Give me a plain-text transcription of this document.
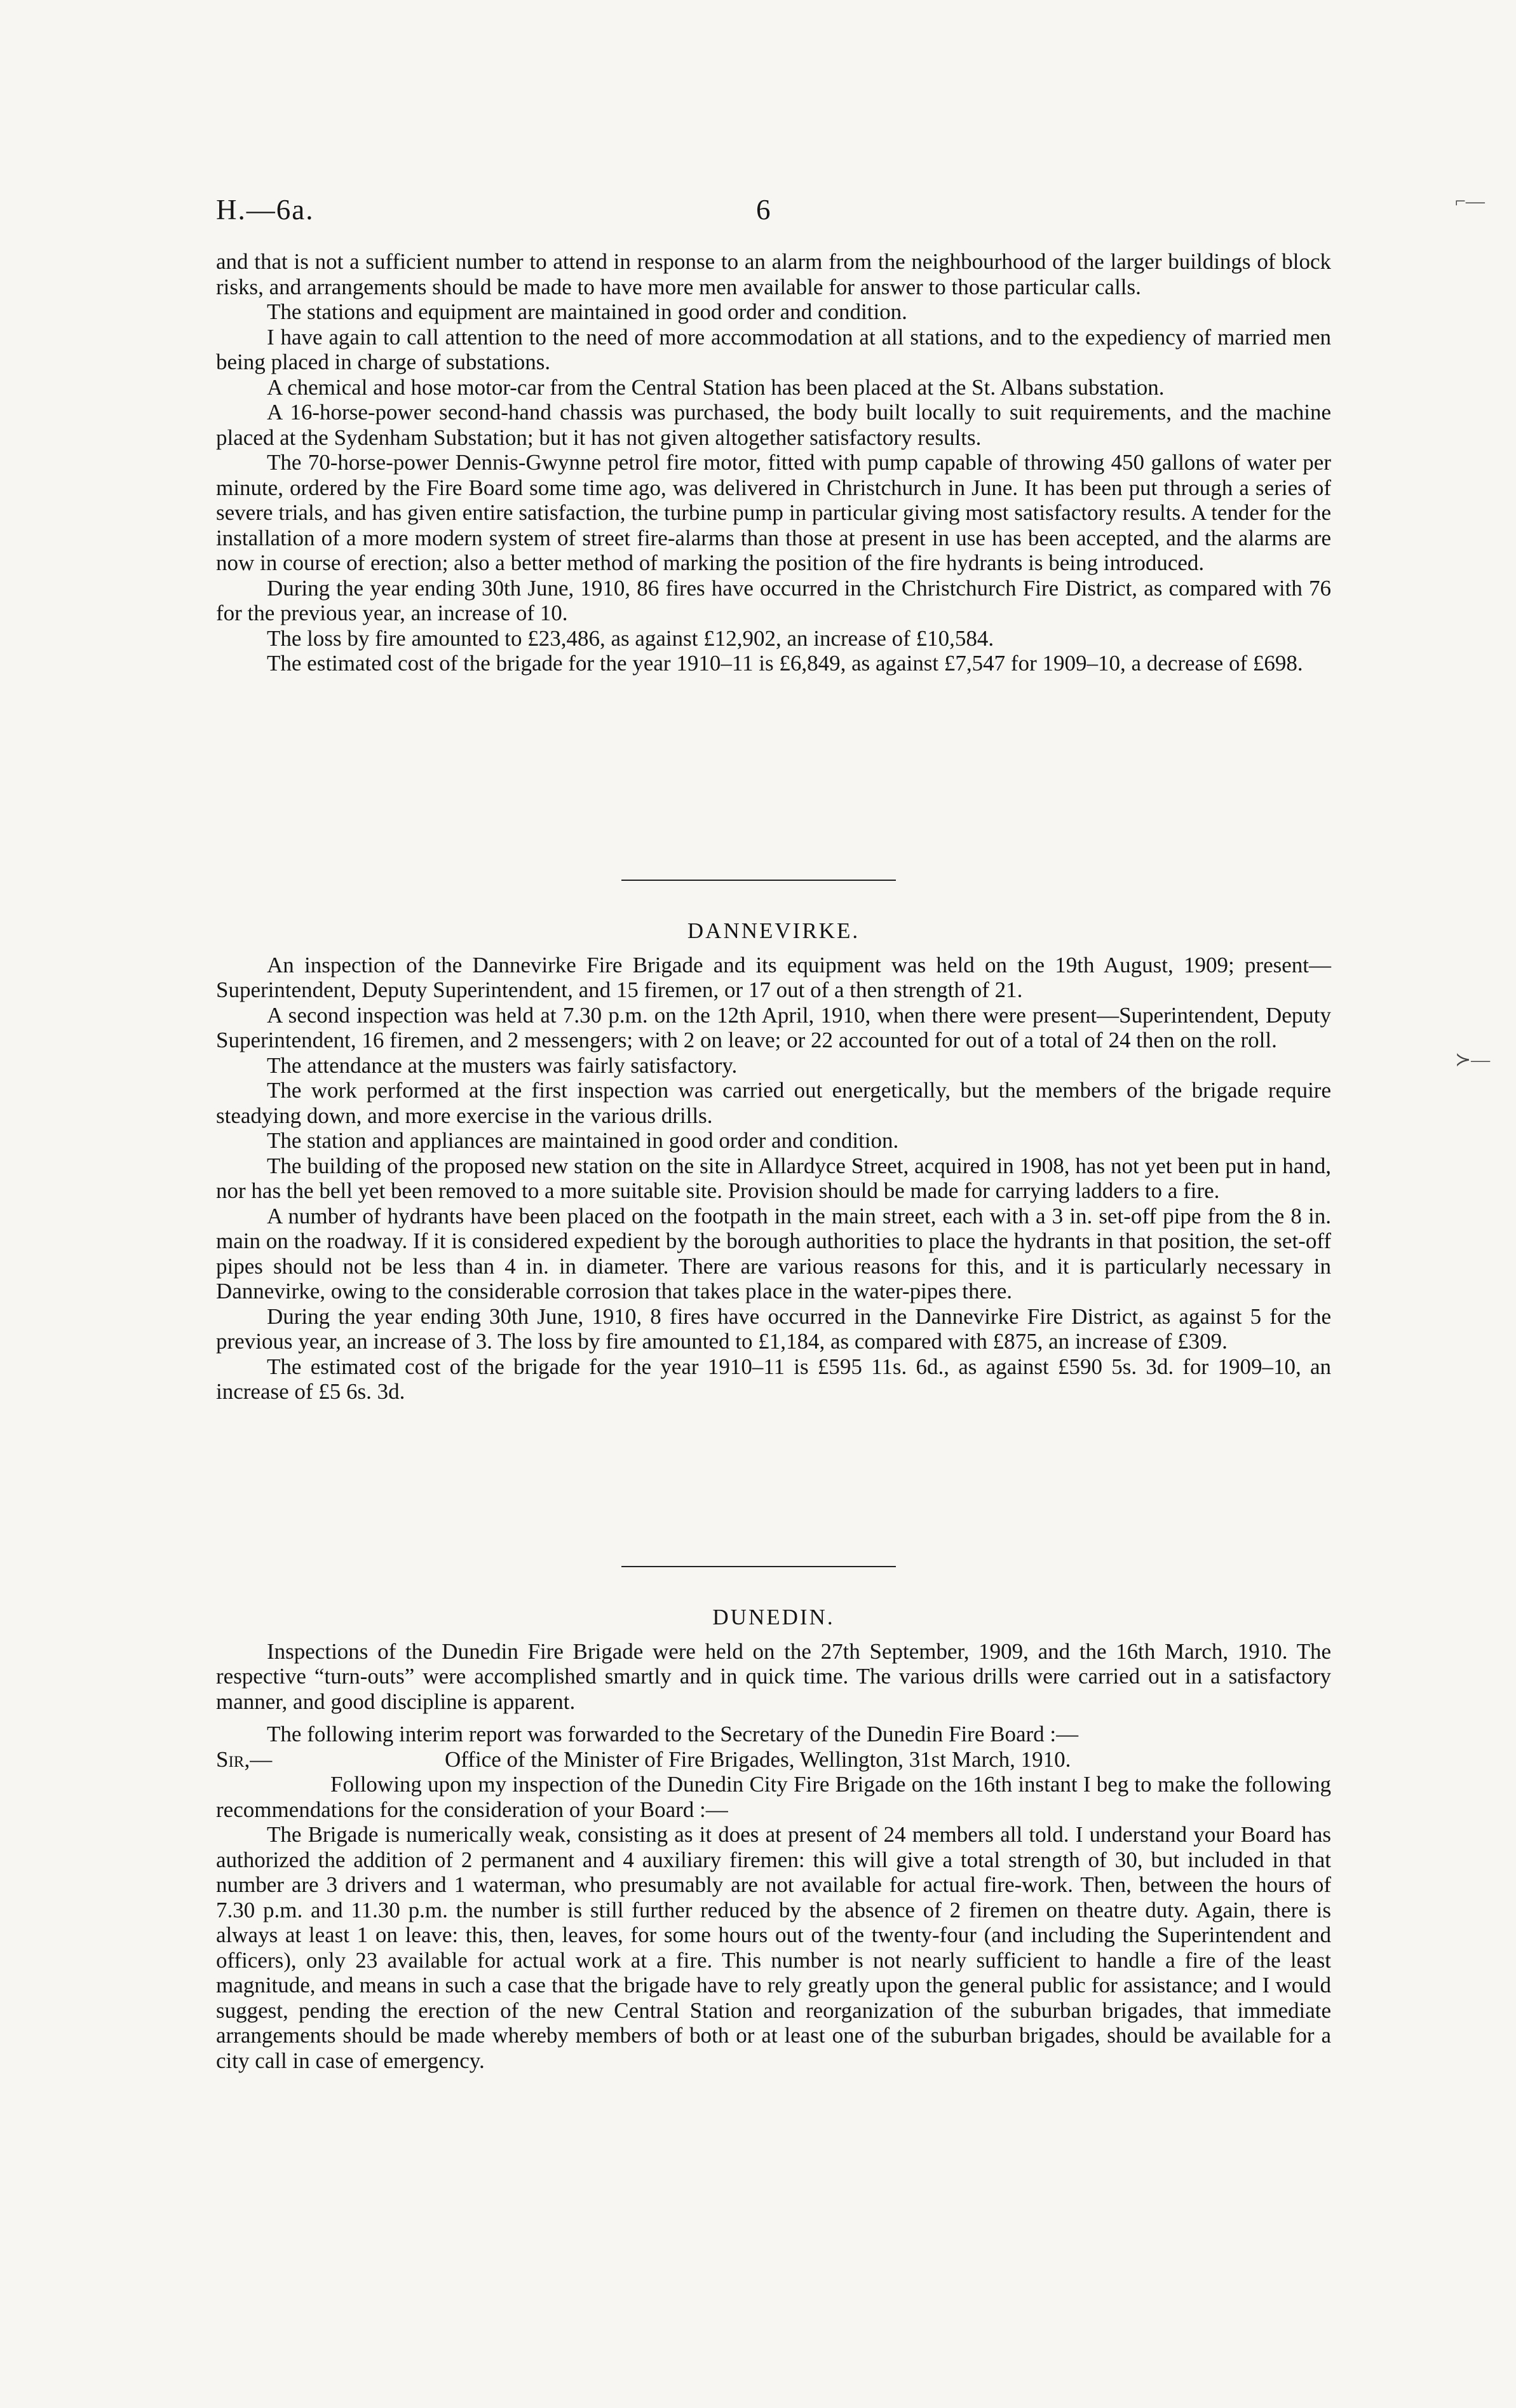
H.—6a.	6	⌐—
≻—

and that is not a sufficient number to attend in response to an alarm from the neighbourhood of the larger buildings of block risks, and arrangements should be made to have more men available for answer to those particular calls.

The stations and equipment are maintained in good order and condition.

I have again to call attention to the need of more accommodation at all stations, and to the expediency of married men being placed in charge of substations.

A chemical and hose motor-car from the Central Station has been placed at the St. Albans substation.

A 16-horse-power second-hand chassis was purchased, the body built locally to suit requirements, and the machine placed at the Sydenham Substation; but it has not given altogether satisfactory results.

The 70-horse-power Dennis-Gwynne petrol fire motor, fitted with pump capable of throwing 450 gallons of water per minute, ordered by the Fire Board some time ago, was delivered in Christchurch in June. It has been put through a series of severe trials, and has given entire satisfaction, the turbine pump in particular giving most satisfactory results. A tender for the installation of a more modern system of street fire-alarms than those at present in use has been accepted, and the alarms are now in course of erection; also a better method of marking the position of the fire hydrants is being introduced.

During the year ending 30th June, 1910, 86 fires have occurred in the Christchurch Fire District, as compared with 76 for the previous year, an increase of 10.

The loss by fire amounted to £23,486, as against £12,902, an increase of £10,584.

The estimated cost of the brigade for the year 1910–11 is £6,849, as against £7,547 for 1909–10, a decrease of £698.

DANNEVIRKE.

An inspection of the Dannevirke Fire Brigade and its equipment was held on the 19th August, 1909; present—Superintendent, Deputy Superintendent, and 15 firemen, or 17 out of a then strength of 21.

A second inspection was held at 7.30 p.m. on the 12th April, 1910, when there were present—Superintendent, Deputy Superintendent, 16 firemen, and 2 messengers; with 2 on leave; or 22 accounted for out of a total of 24 then on the roll.

The attendance at the musters was fairly satisfactory.

The work performed at the first inspection was carried out energetically, but the members of the brigade require steadying down, and more exercise in the various drills.

The station and appliances are maintained in good order and condition.

The building of the proposed new station on the site in Allardyce Street, acquired in 1908, has not yet been put in hand, nor has the bell yet been removed to a more suitable site. Provision should be made for carrying ladders to a fire.

A number of hydrants have been placed on the footpath in the main street, each with a 3 in. set-off pipe from the 8 in. main on the roadway. If it is considered expedient by the borough authorities to place the hydrants in that position, the set-off pipes should not be less than 4 in. in diameter. There are various reasons for this, and it is particularly necessary in Dannevirke, owing to the considerable corrosion that takes place in the water-pipes there.

During the year ending 30th June, 1910, 8 fires have occurred in the Dannevirke Fire District, as against 5 for the previous year, an increase of 3. The loss by fire amounted to £1,184, as compared with £875, an increase of £309.

The estimated cost of the brigade for the year 1910–11 is £595 11s. 6d., as against £590 5s. 3d. for 1909–10, an increase of £5 6s. 3d.

DUNEDIN.

Inspections of the Dunedin Fire Brigade were held on the 27th September, 1909, and the 16th March, 1910. The respective “turn-outs” were accomplished smartly and in quick time. The various drills were carried out in a satisfactory manner, and good discipline is apparent.

The following interim report was forwarded to the Secretary of the Dunedin Fire Board :—

Sir,—	Office of the Minister of Fire Brigades, Wellington, 31st March, 1910.

Following upon my inspection of the Dunedin City Fire Brigade on the 16th instant I beg to make the following recommendations for the consideration of your Board :—

The Brigade is numerically weak, consisting as it does at present of 24 members all told. I understand your Board has authorized the addition of 2 permanent and 4 auxiliary firemen: this will give a total strength of 30, but included in that number are 3 drivers and 1 waterman, who presumably are not available for actual fire-work. Then, between the hours of 7.30 p.m. and 11.30 p.m. the number is still further reduced by the absence of 2 firemen on theatre duty. Again, there is always at least 1 on leave: this, then, leaves, for some hours out of the twenty-four (and including the Superintendent and officers), only 23 available for actual work at a fire. This number is not nearly sufficient to handle a fire of the least magnitude, and means in such a case that the brigade have to rely greatly upon the general public for assistance; and I would suggest, pending the erection of the new Central Station and reorganization of the suburban brigades, that immediate arrangements should be made whereby members of both or at least one of the suburban brigades, should be available for a city call in case of emergency.
